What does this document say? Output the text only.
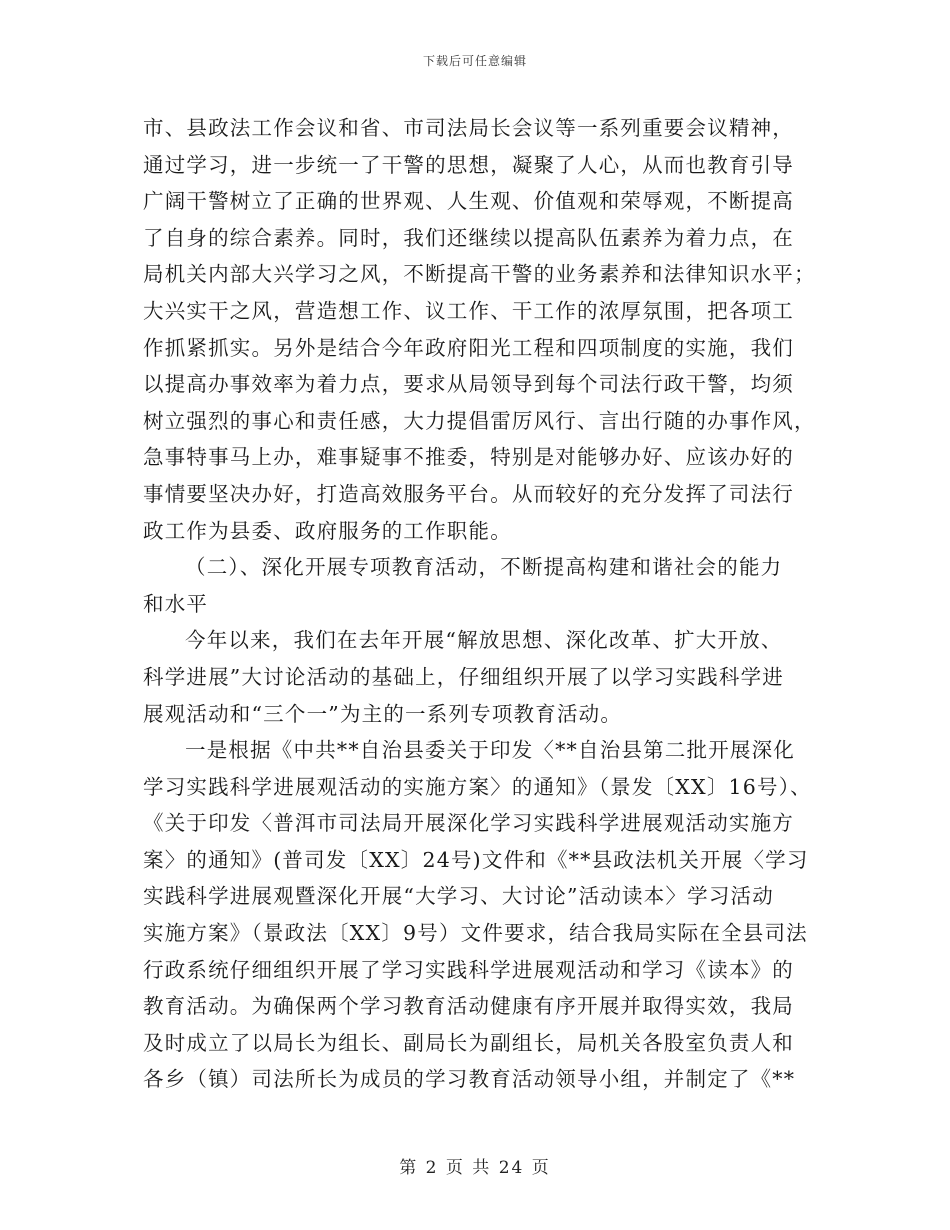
下载后可任意编辑
市、县政法工作会议和省、市司法局长会议等一系列重要会议精神，
通过学习，进一步统一了干警的思想，凝聚了人心，从而也教育引导
广阔干警树立了正确的世界观、人生观、价值观和荣辱观，不断提高
了自身的综合素养。同时，我们还继续以提高队伍素养为着力点，在
局机关内部大兴学习之风，不断提高干警的业务素养和法律知识水平；
大兴实干之风，营造想工作、议工作、干工作的浓厚氛围，把各项工
作抓紧抓实。另外是结合今年政府阳光工程和四项制度的实施，我们
以提高办事效率为着力点，要求从局领导到每个司法行政干警，均须
树立强烈的事心和责任感，大力提倡雷厉风行、言出行随的办事作风，
急事特事马上办，难事疑事不推委，特别是对能够办好、应该办好的
事情要坚决办好，打造高效服务平台。从而较好的充分发挥了司法行
政工作为县委、政府服务的工作职能。
（二）、深化开展专项教育活动，不断提高构建和谐社会的能力
和水平
今年以来，我们在去年开展“解放思想、深化改革、扩大开放、
科学进展”大讨论活动的基础上，仔细组织开展了以学习实践科学进
展观活动和“三个一”为主的一系列专项教育活动。
一是根据《中共**自治县委关于印发〈**自治县第二批开展深化
学习实践科学进展观活动的实施方案〉的通知》（景发〔XX〕16号）、
《关于印发〈普洱市司法局开展深化学习实践科学进展观活动实施方
案〉的通知》(普司发〔XX〕24号)文件和《**县政法机关开展〈学习
实践科学进展观暨深化开展“大学习、大讨论”活动读本〉学习活动
实施方案》（景政法〔XX〕9号）文件要求，结合我局实际在全县司法
行政系统仔细组织开展了学习实践科学进展观活动和学习《读本》的
教育活动。为确保两个学习教育活动健康有序开展并取得实效，我局
及时成立了以局长为组长、副局长为副组长，局机关各股室负责人和
各乡（镇）司法所长为成员的学习教育活动领导小组，并制定了《**
第 2 页 共 24 页
